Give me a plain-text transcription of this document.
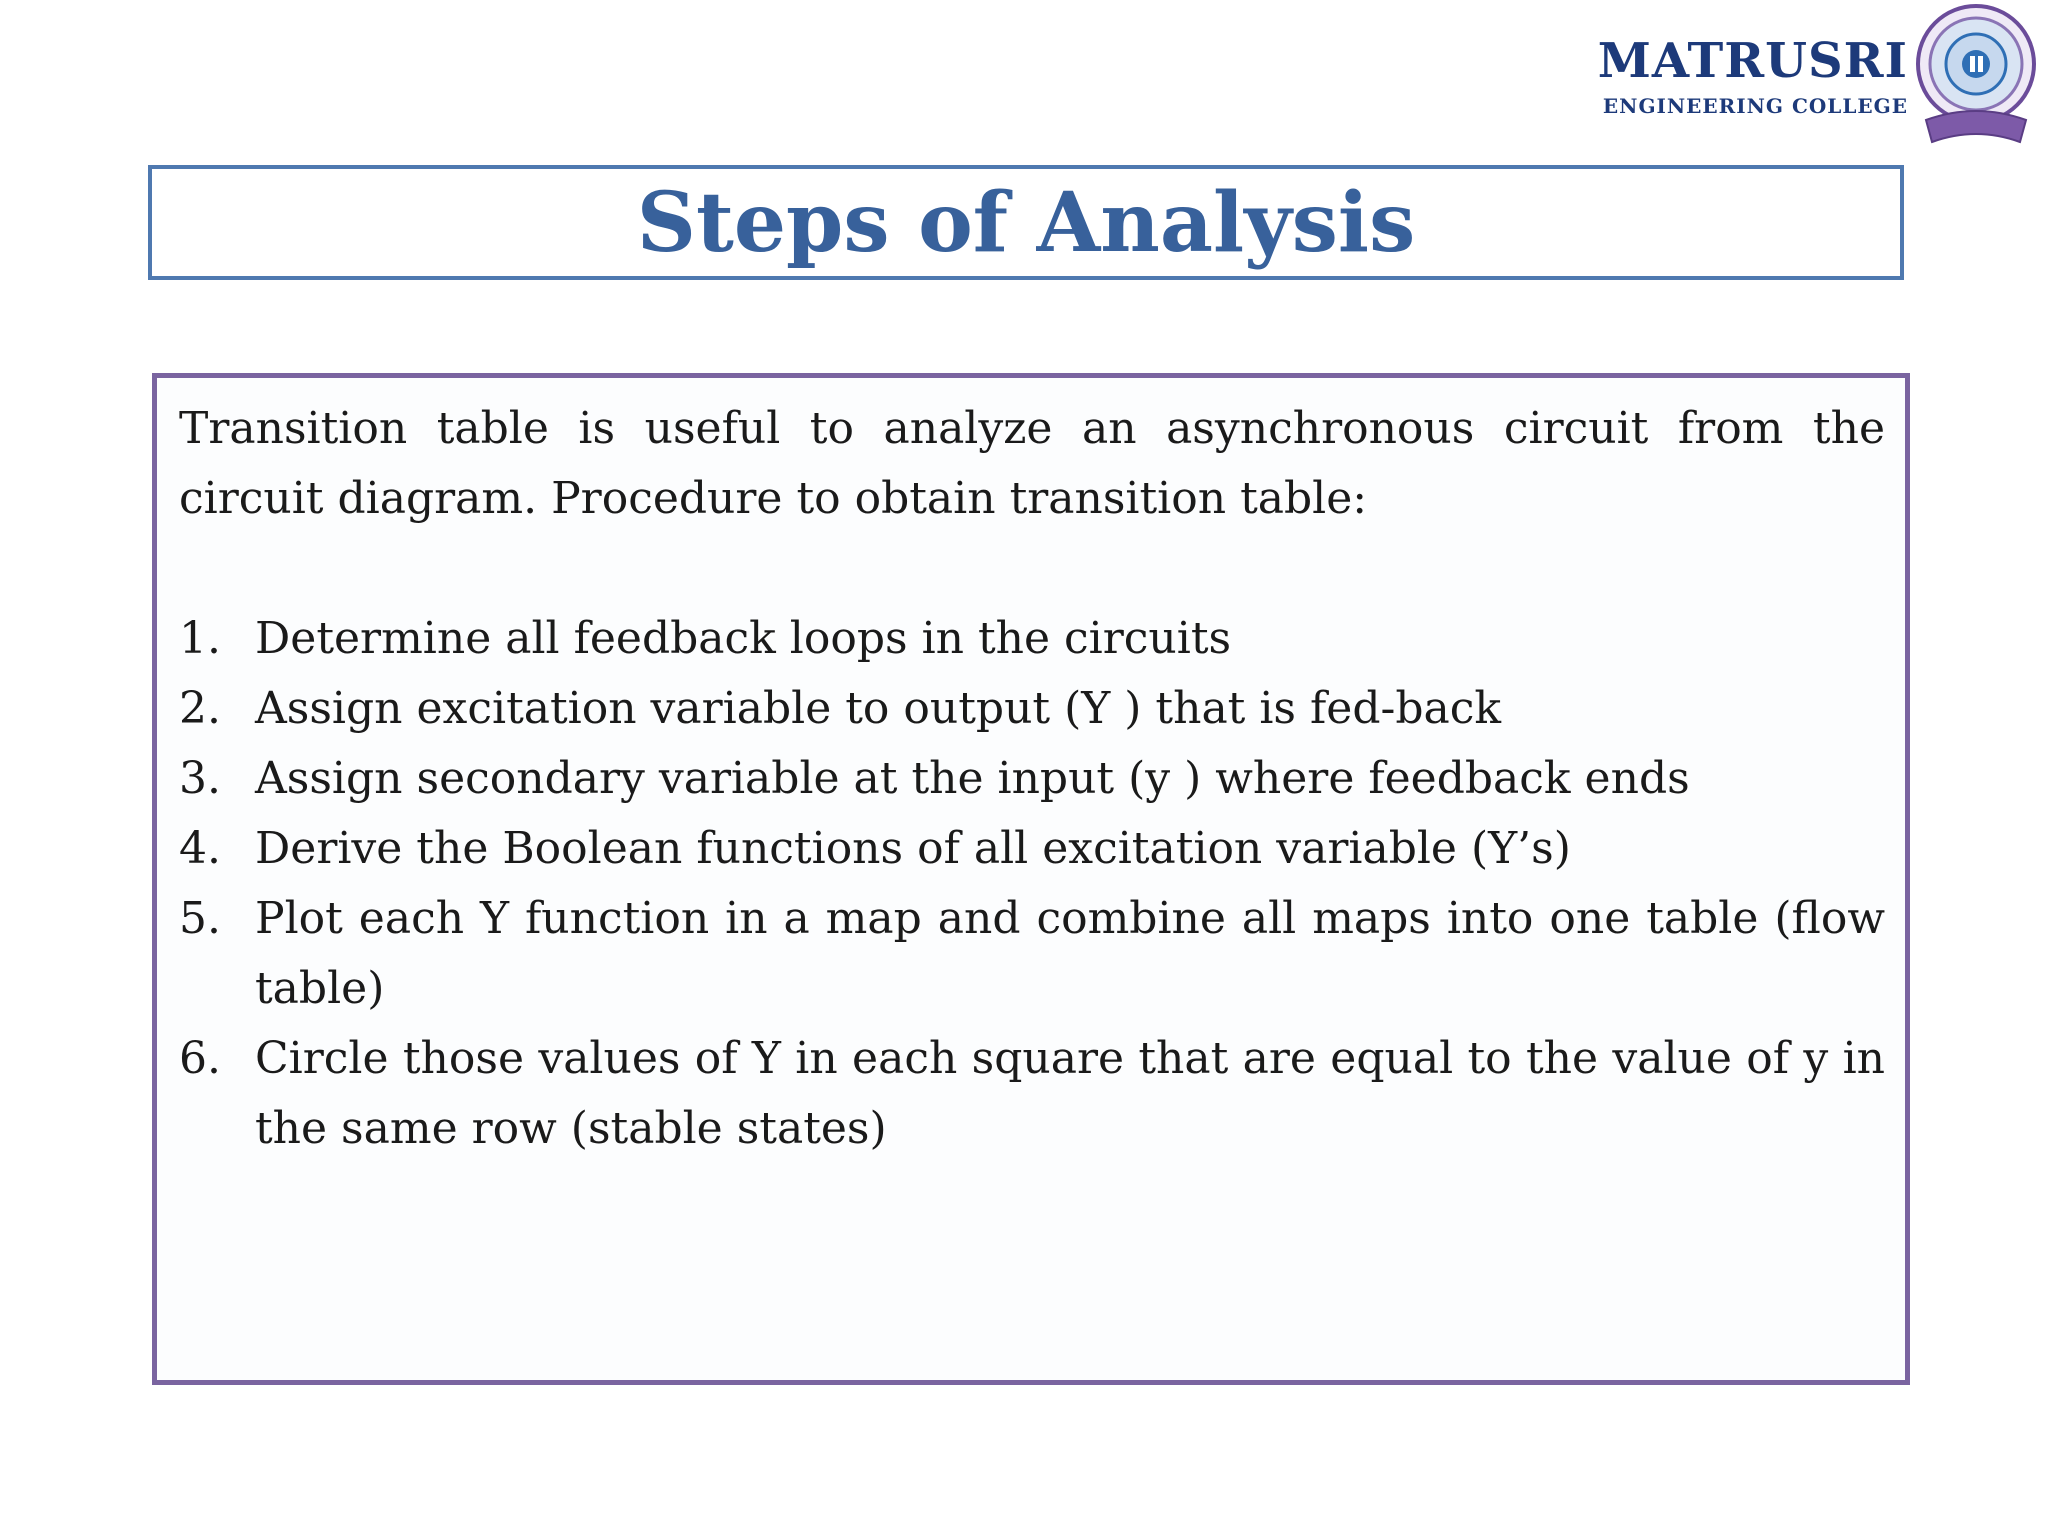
MATRUSRI
ENGINEERING COLLEGE
Steps of Analysis

Transition table is useful to analyze an asynchronous circuit from the circuit diagram. Procedure to obtain transition table:

1. Determine all feedback loops in the circuits
2. Assign excitation variable to output (Y ) that is fed-back
3. Assign secondary variable at the input (y ) where feedback ends
4. Derive the Boolean functions of all excitation variable (Y’s)
5. Plot each Y function in a map and combine all maps into one table (flow table)
6. Circle those values of Y in each square that are equal to the value of y in the same row (stable states)
